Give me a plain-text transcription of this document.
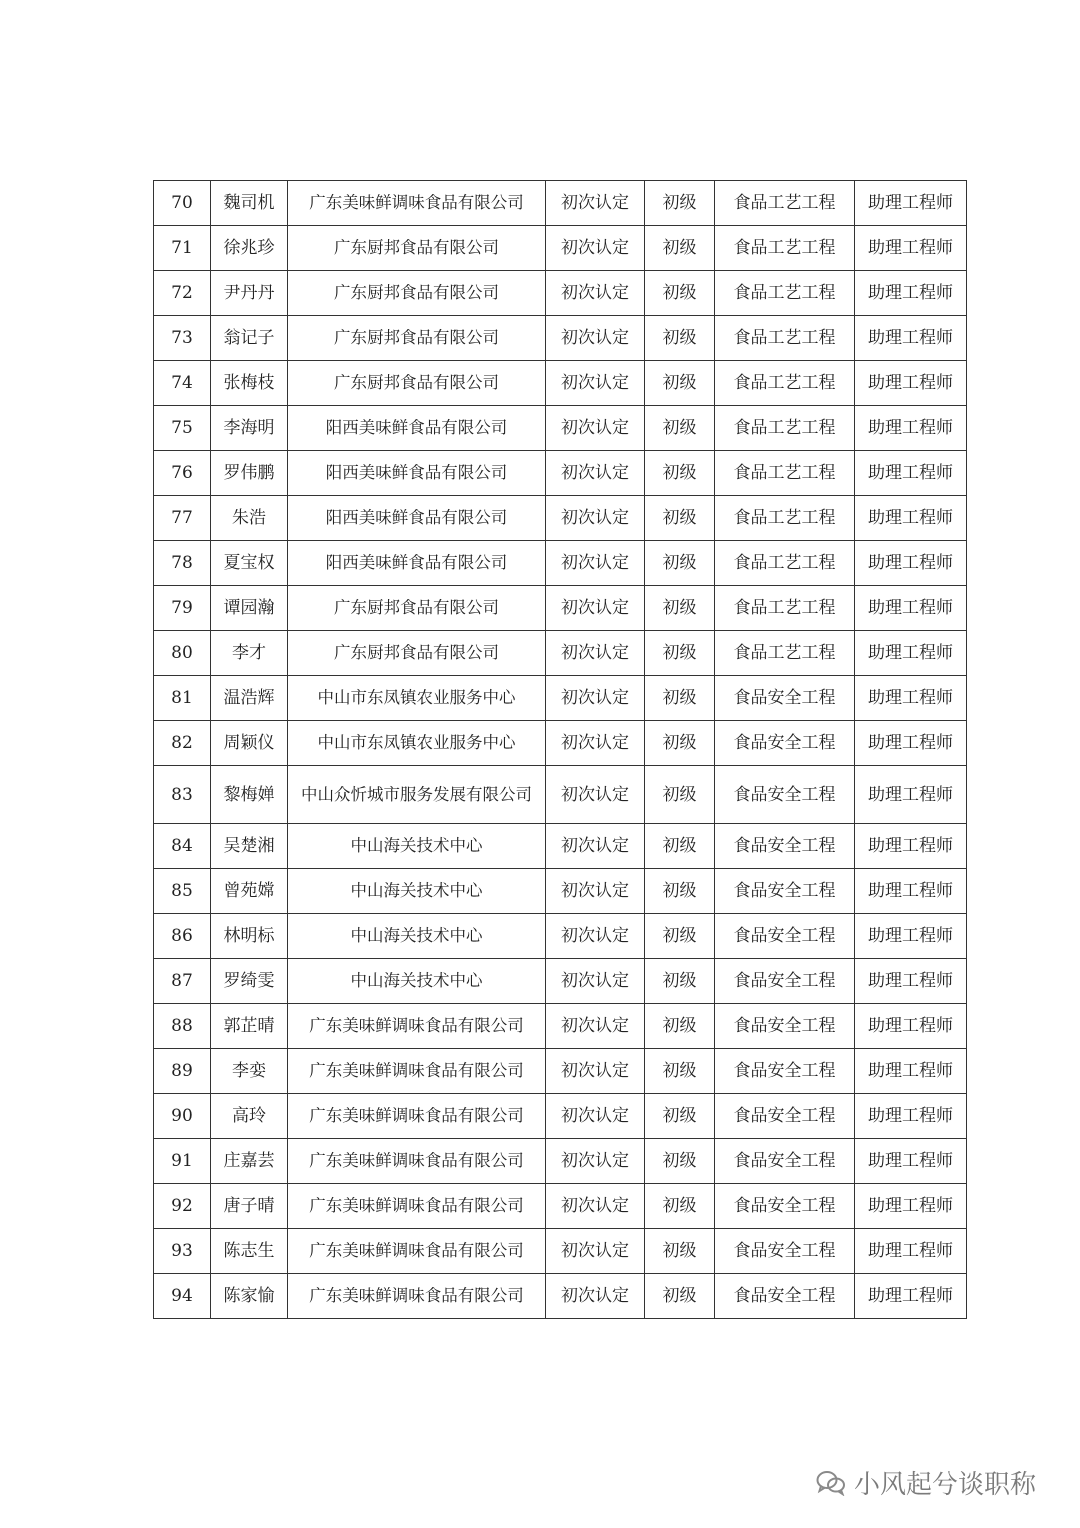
70	魏司机	广东美味鲜调味食品有限公司	初次认定	初级	食品工艺工程	助理工程师
71	徐兆珍	广东厨邦食品有限公司	初次认定	初级	食品工艺工程	助理工程师
72	尹丹丹	广东厨邦食品有限公司	初次认定	初级	食品工艺工程	助理工程师
73	翁记子	广东厨邦食品有限公司	初次认定	初级	食品工艺工程	助理工程师
74	张梅枝	广东厨邦食品有限公司	初次认定	初级	食品工艺工程	助理工程师
75	李海明	阳西美味鲜食品有限公司	初次认定	初级	食品工艺工程	助理工程师
76	罗伟鹏	阳西美味鲜食品有限公司	初次认定	初级	食品工艺工程	助理工程师
77	朱浩	阳西美味鲜食品有限公司	初次认定	初级	食品工艺工程	助理工程师
78	夏宝权	阳西美味鲜食品有限公司	初次认定	初级	食品工艺工程	助理工程师
79	谭园瀚	广东厨邦食品有限公司	初次认定	初级	食品工艺工程	助理工程师
80	李才	广东厨邦食品有限公司	初次认定	初级	食品工艺工程	助理工程师
81	温浩辉	中山市东凤镇农业服务中心	初次认定	初级	食品安全工程	助理工程师
82	周颖仪	中山市东凤镇农业服务中心	初次认定	初级	食品安全工程	助理工程师
83	黎梅婵	中山众忻城市服务发展有限公司	初次认定	初级	食品安全工程	助理工程师
84	吴楚湘	中山海关技术中心	初次认定	初级	食品安全工程	助理工程师
85	曾苑嫦	中山海关技术中心	初次认定	初级	食品安全工程	助理工程师
86	林明标	中山海关技术中心	初次认定	初级	食品安全工程	助理工程师
87	罗绮雯	中山海关技术中心	初次认定	初级	食品安全工程	助理工程师
88	郭芷晴	广东美味鲜调味食品有限公司	初次认定	初级	食品安全工程	助理工程师
89	李娈	广东美味鲜调味食品有限公司	初次认定	初级	食品安全工程	助理工程师
90	高玲	广东美味鲜调味食品有限公司	初次认定	初级	食品安全工程	助理工程师
91	庄嘉芸	广东美味鲜调味食品有限公司	初次认定	初级	食品安全工程	助理工程师
92	唐子晴	广东美味鲜调味食品有限公司	初次认定	初级	食品安全工程	助理工程师
93	陈志生	广东美味鲜调味食品有限公司	初次认定	初级	食品安全工程	助理工程师
94	陈家愉	广东美味鲜调味食品有限公司	初次认定	初级	食品安全工程	助理工程师
小风起兮谈职称
